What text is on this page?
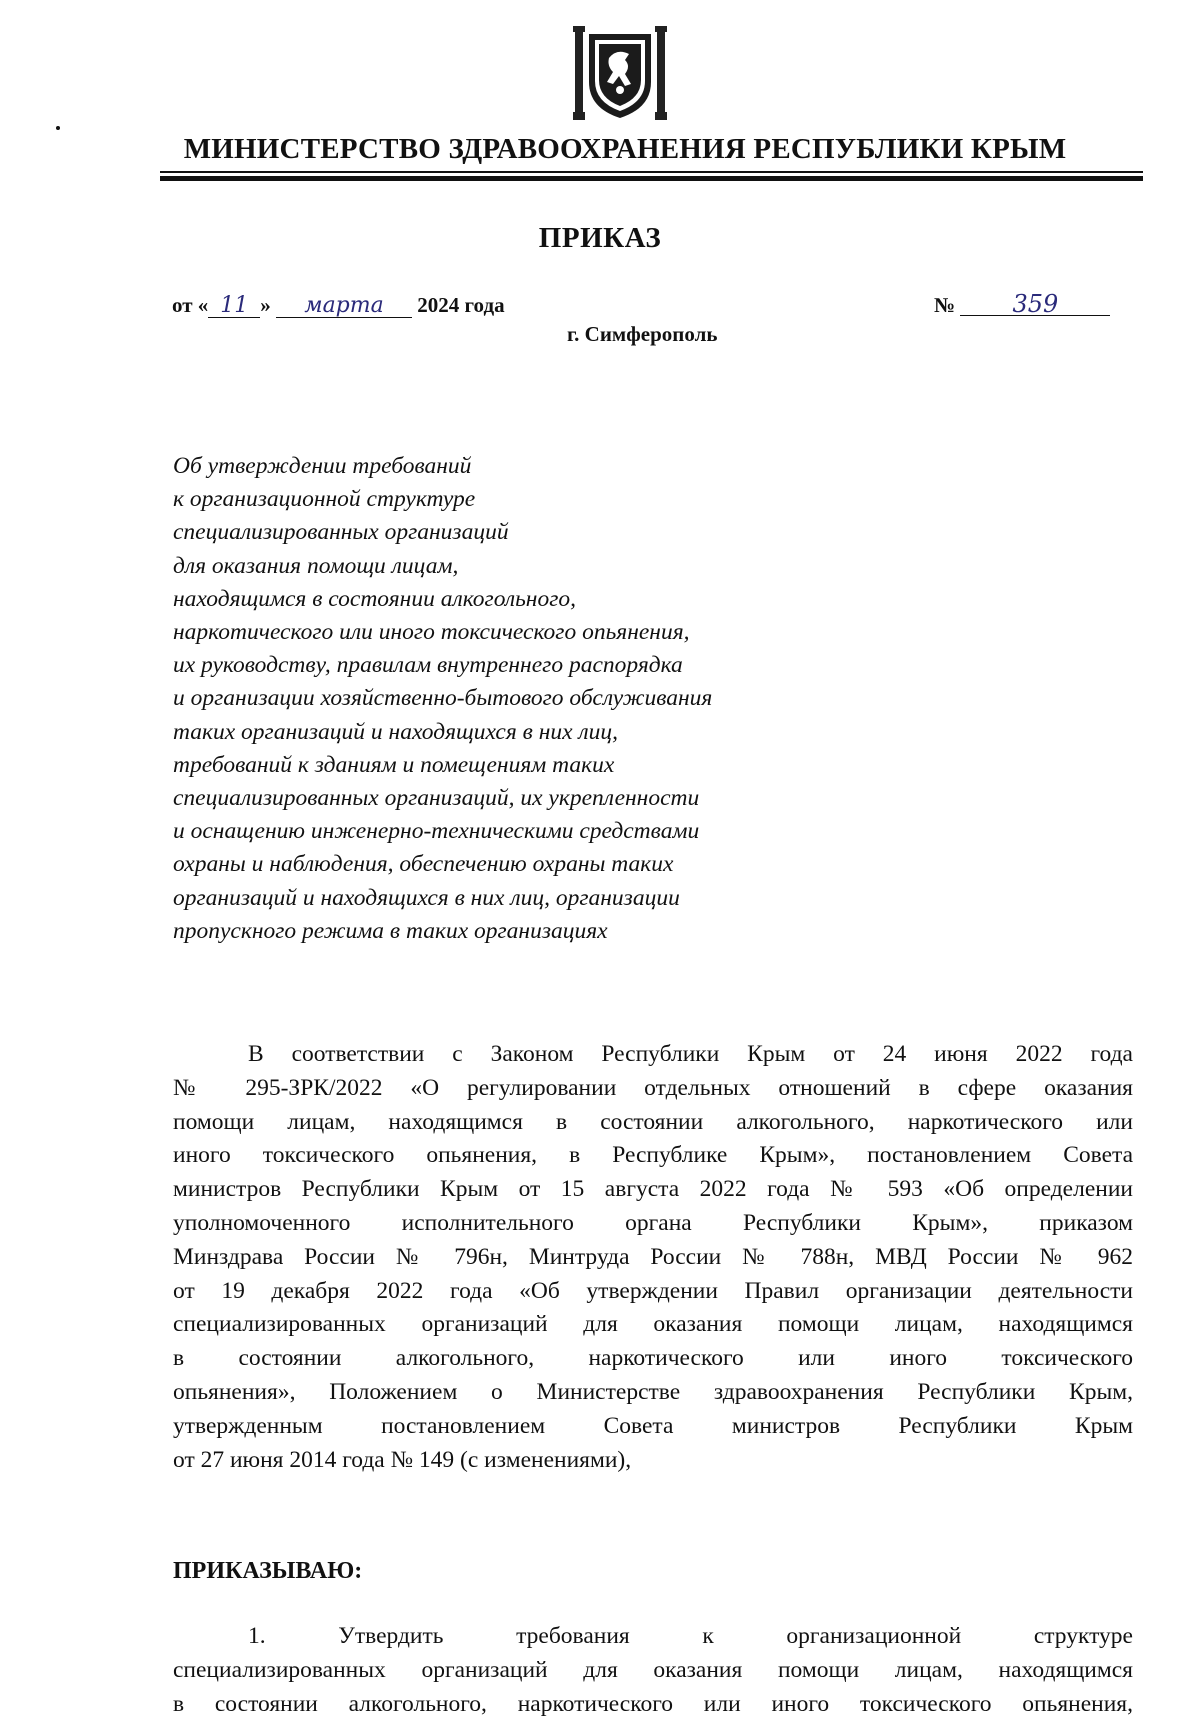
МИНИСТЕРСТВО ЗДРАВООХРАНЕНИЯ РЕСПУБЛИКИ КРЫМ
ПРИКАЗ
от « 11 » марта 2024 года	№ 359
г. Симферополь
Об утверждении требований
к организационной структуре
специализированных организаций
для оказания помощи лицам,
находящимся в состоянии алкогольного,
наркотического или иного токсического опьянения,
их руководству, правилам внутреннего распорядка
и организации хозяйственно-бытового обслуживания
таких организаций и находящихся в них лиц,
требований к зданиям и помещениям таких
специализированных организаций, их укрепленности
и оснащению инженерно-техническими средствами
охраны и наблюдения, обеспечению охраны таких
организаций и находящихся в них лиц, организации
пропускного режима в таких организациях
В соответствии с Законом Республики Крым от 24 июня 2022 года
№ 295-ЗРК/2022 «О регулировании отдельных отношений в сфере оказания
помощи лицам, находящимся в состоянии алкогольного, наркотического или
иного токсического опьянения, в Республике Крым», постановлением Совета
министров Республики Крым от 15 августа 2022 года № 593 «Об определении
уполномоченного исполнительного органа Республики Крым», приказом
Минздрава России № 796н, Минтруда России № 788н, МВД России № 962
от 19 декабря 2022 года «Об утверждении Правил организации деятельности
специализированных организаций для оказания помощи лицам, находящимся
в состоянии алкогольного, наркотического или иного токсического
опьянения», Положением о Министерстве здравоохранения Республики Крым,
утвержденным постановлением Совета министров Республики Крым
от 27 июня 2014 года № 149 (с изменениями),
ПРИКАЗЫВАЮ:
1. Утвердить требования к организационной структуре
специализированных организаций для оказания помощи лицам, находящимся
в состоянии алкогольного, наркотического или иного токсического опьянения,
